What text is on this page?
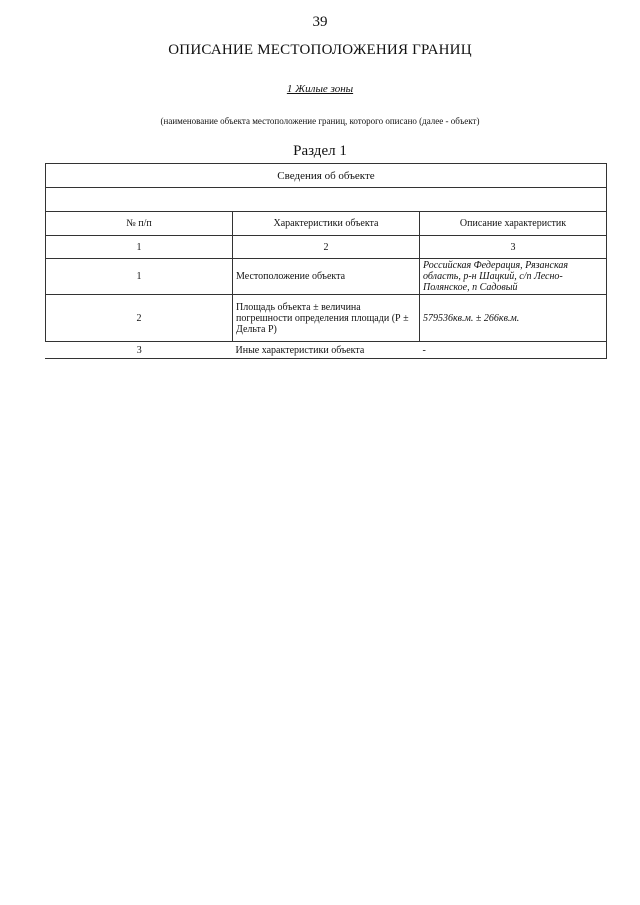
39
ОПИСАНИЕ МЕСТОПОЛОЖЕНИЯ ГРАНИЦ
1 Жилые зоны
(наименование объекта местоположение границ, которого описано (далее - объект)
Раздел 1
Сведения об объекте		

№ п/п	Характеристики объекта	Описание характеристик
1	2	3
1	Местоположение объекта	Российская Федерация, Рязанская область, р-н Шацкий, с/п Лесно-Полянское, п Садовый
2	Площадь объекта ± величина погрешности определения площади (Р ± Дельта Р)	579536кв.м. ± 266кв.м.
3	Иные характеристики объекта	-
